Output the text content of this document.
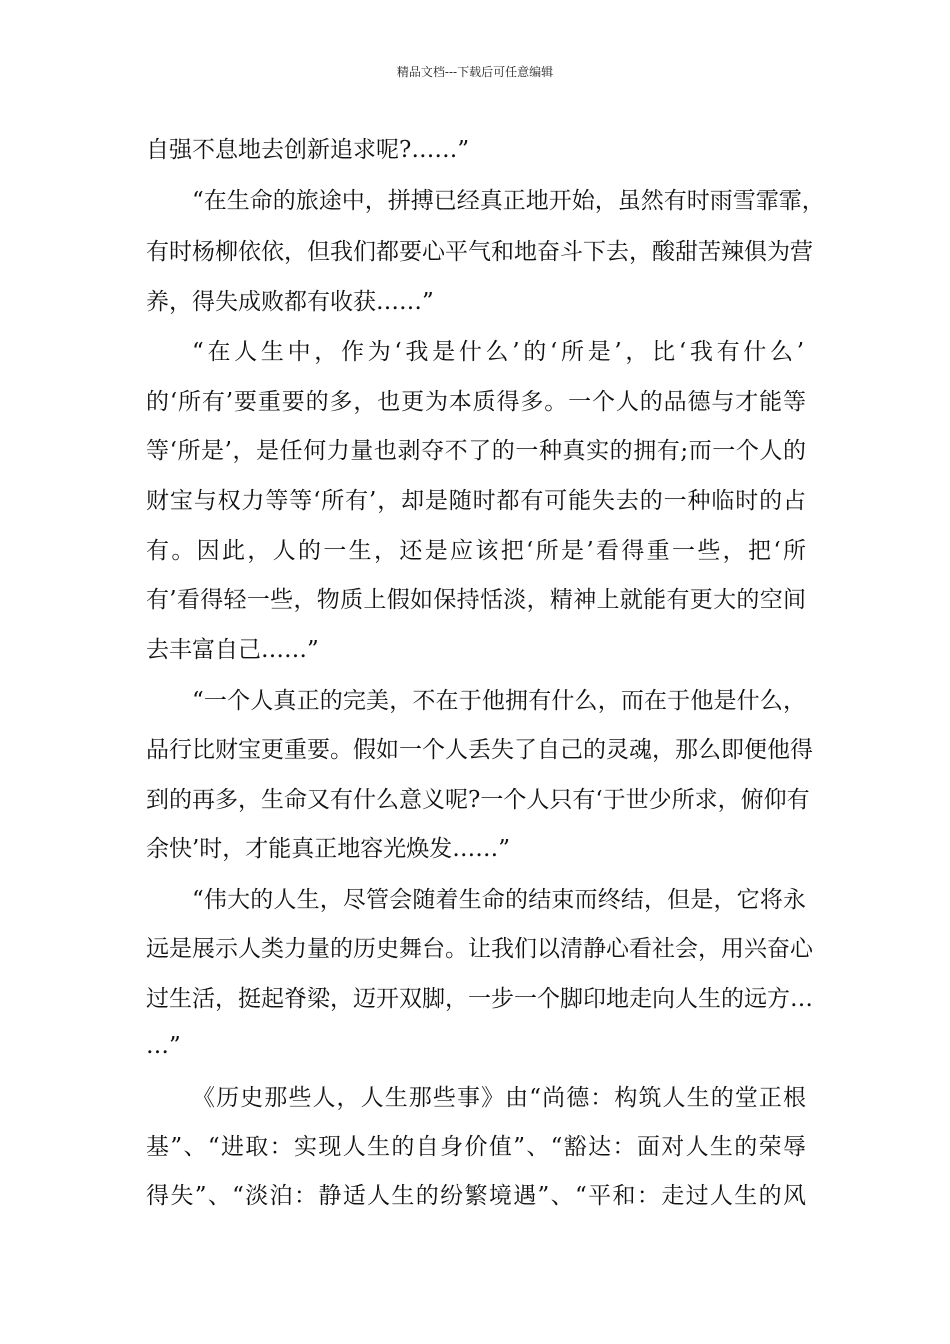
精品文档---下载后可任意编辑
自强不息地去创新追求呢?……”
“在生命的旅途中，拼搏已经真正地开始，虽然有时雨雪霏霏，
有时杨柳依依，但我们都要心平气和地奋斗下去，酸甜苦辣俱为营
养，得失成败都有收获……”
“在人生中，作为‘我是什么’的‘所是’，比‘我有什么’
的‘所有’要重要的多，也更为本质得多。一个人的品德与才能等
等‘所是’，是任何力量也剥夺不了的一种真实的拥有;而一个人的
财宝与权力等等‘所有’，却是随时都有可能失去的一种临时的占
有。因此，人的一生，还是应该把‘所是’看得重一些，把‘所
有’看得轻一些，物质上假如保持恬淡，精神上就能有更大的空间
去丰富自己……”
“一个人真正的完美，不在于他拥有什么，而在于他是什么，
品行比财宝更重要。假如一个人丢失了自己的灵魂，那么即便他得
到的再多，生命又有什么意义呢?一个人只有‘于世少所求，俯仰有
余快’时，才能真正地容光焕发……”
“伟大的人生，尽管会随着生命的结束而终结，但是，它将永
远是展示人类力量的历史舞台。让我们以清静心看社会，用兴奋心
过生活，挺起脊梁，迈开双脚，一步一个脚印地走向人生的远方…
…”
《历史那些人，人生那些事》由“尚德：构筑人生的堂正根
基”、“进取：实现人生的自身价值”、“豁达：面对人生的荣辱
得失”、“淡泊：静适人生的纷繁境遇”、“平和：走过人生的风
